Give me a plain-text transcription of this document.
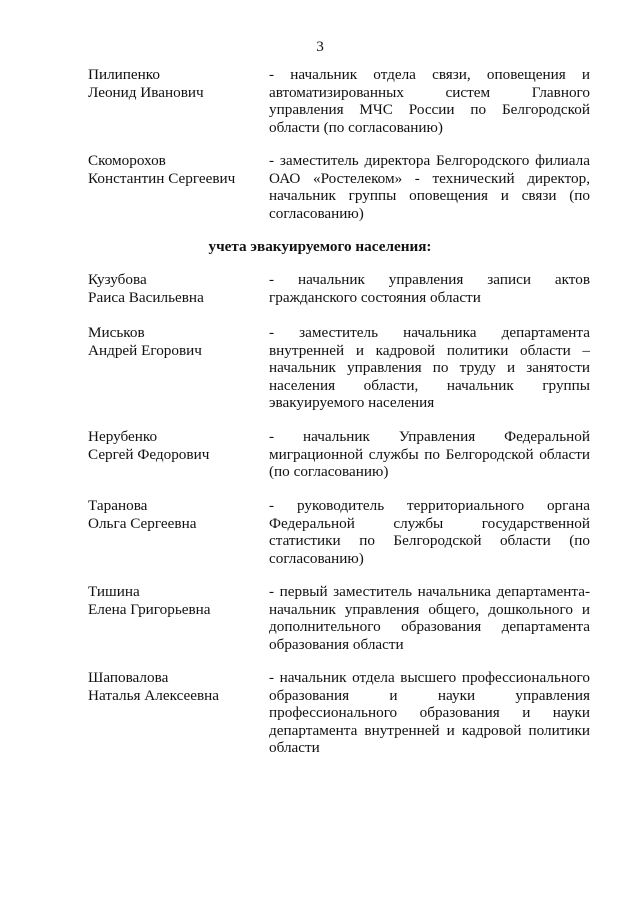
3
Пилипенко
Леонид Иванович
- начальник отдела связи, оповещения и автоматизированных систем Главного управления МЧС России по Белгородской области (по согласованию)
Скоморохов
Константин Сергеевич
- заместитель директора Белгородского филиала ОАО «Ростелеком» - технический директор, начальник группы оповещения и связи (по согласованию)
учета эвакуируемого населения:
Кузубова
Раиса Васильевна
- начальник управления записи актов гражданского состояния области
Миськов
Андрей Егорович
- заместитель начальника департамента внутренней и кадровой политики области – начальник управления по труду и занятости населения области, начальник группы эвакуируемого населения
Нерубенко
Сергей Федорович
- начальник Управления Федеральной миграционной службы по Белгородской области (по согласованию)
Таранова
Ольга Сергеевна
- руководитель территориального органа Федеральной службы государственной статистики по Белгородской области (по согласованию)
Тишина
Елена Григорьевна
- первый заместитель начальника департамента-начальник управления общего, дошкольного и дополнительного образования департамента образования области
Шаповалова
Наталья Алексеевна
- начальник отдела высшего профессионального образования и науки управления профессионального образования и науки департамента внутренней и кадровой политики области
